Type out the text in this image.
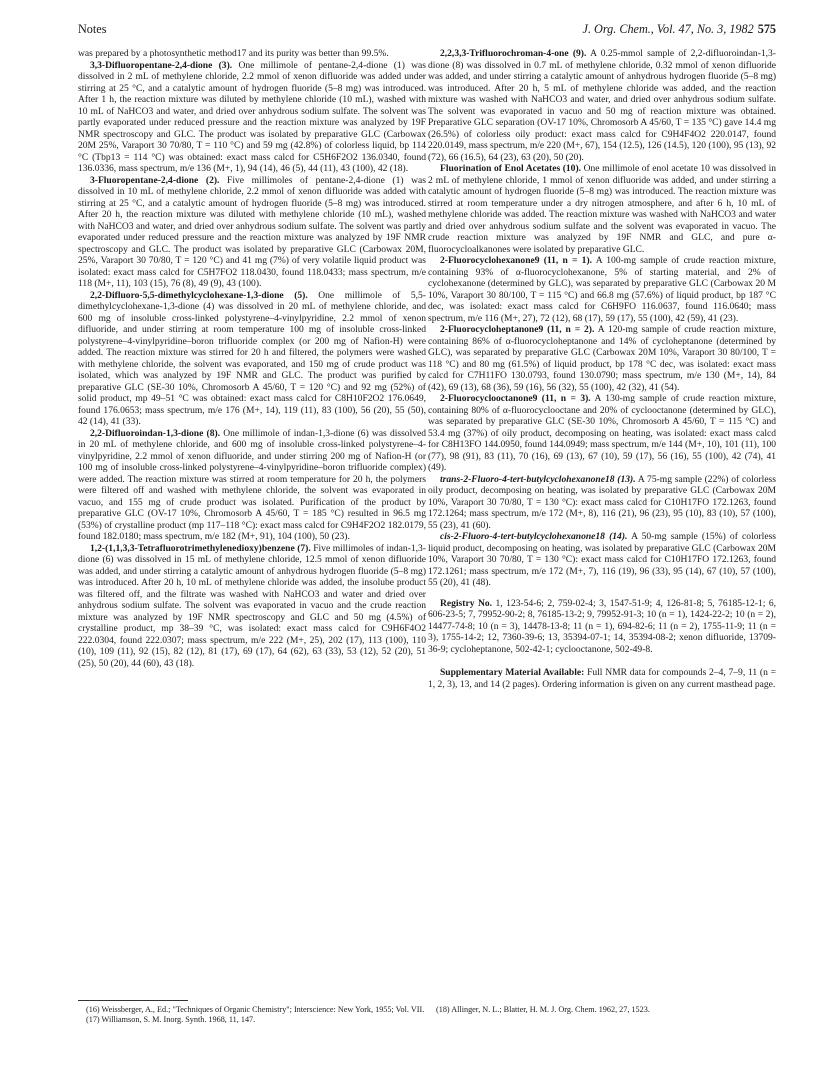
Notes	J. Org. Chem., Vol. 47, No. 3, 1982 575

was prepared by a photosynthetic method17 and its purity was better than 99.5%.

3,3-Difluoropentane-2,4-dione (3). One millimole of pentane-2,4-dione (1) was dissolved in 2 mL of methylene chloride, 2.2 mmol of xenon difluoride was added under stirring at 25 °C, and a catalytic amount of hydrogen fluoride (5–8 mg) was introduced. After 1 h, the reaction mixture was diluted by methylene chloride (10 mL), washed with 10 mL of NaHCO3 and water, and dried over anhydrous sodium sulfate. The solvent was partly evaporated under reduced pressure and the reaction mixture was analyzed by 19F NMR spectroscopy and GLC. The product was isolated by preparative GLC (Carbowax 20M 25%, Varaport 30 70/80, T = 110 °C) and 59 mg (42.8%) of colorless liquid, bp 114 °C (Tbp13 = 114 °C) was obtained: exact mass calcd for C5H6F2O2 136.0340, found 136.0336, mass spectrum, m/e 136 (M+, 1), 94 (14), 46 (5), 44 (11), 43 (100), 42 (18).

3-Fluoropentane-2,4-dione (2). Five millimoles of pentane-2,4-dione (1) was dissolved in 10 mL of methylene chloride, 2.2 mmol of xenon difluoride was added with stirring at 25 °C, and a catalytic amount of hydrogen fluoride (5–8 mg) was introduced. After 20 h, the reaction mixture was diluted with methylene chloride (10 mL), washed with NaHCO3 and water, and dried over anhydrous sodium sulfate. The solvent was partly evaporated under reduced pressure and the reaction mixture was analyzed by 19F NMR spectroscopy and GLC. The product was isolated by preparative GLC (Carbowax 20M, 25%, Varaport 30 70/80, T = 120 °C) and 41 mg (7%) of very volatile liquid product was isolated: exact mass calcd for C5H7FO2 118.0430, found 118.0433; mass spectrum, m/e 118 (M+, 11), 103 (15), 76 (8), 49 (9), 43 (100).

2,2-Difluoro-5,5-dimethylcyclohexane-1,3-dione (5). One millimole of 5,5-dimethylcyclohexane-1,3-dione (4) was dissolved in 20 mL of methylene chloride, and 600 mg of insoluble cross-linked polystyrene–4-vinylpyridine, 2.2 mmol of xenon difluoride, and under stirring at room temperature 100 mg of insoluble cross-linked polystyrene–4-vinylpyridine–boron trifluoride complex (or 200 mg of Nafion-H) were added. The reaction mixture was stirred for 20 h and filtered, the polymers were washed with methylene chloride, the solvent was evaporated, and 150 mg of crude product was isolated, which was analyzed by 19F NMR and GLC. The product was purified by preparative GLC (SE-30 10%, Chromosorb A 45/60, T = 120 °C) and 92 mg (52%) of solid product, mp 49–51 °C was obtained: exact mass calcd for C8H10F2O2 176.0649, found 176.0653; mass spectrum, m/e 176 (M+, 14), 119 (11), 83 (100), 56 (20), 55 (50), 42 (14), 41 (33).

2,2-Difluoroindan-1,3-dione (8). One millimole of indan-1,3-dione (6) was dissolved in 20 mL of methylene chloride, and 600 mg of insoluble cross-linked polystyrene–4-vinylpyridine, 2.2 mmol of xenon difluoride, and under stirring 200 mg of Nafion-H (or 100 mg of insoluble cross-linked polystyrene–4-vinylpyridine–boron trifluoride complex) were added. The reaction mixture was stirred at room temperature for 20 h, the polymers were filtered off and washed with methylene chloride, the solvent was evaporated in vacuo, and 155 mg of crude product was isolated. Purification of the product by preparative GLC (OV-17 10%, Chromosorb A 45/60, T = 185 °C) resulted in 96.5 mg (53%) of crystalline product (mp 117–118 °C): exact mass calcd for C9H4F2O2 182.0179, found 182.0180; mass spectrum, m/e 182 (M+, 91), 104 (100), 50 (23).

1,2-(1,1,3,3-Tetrafluorotrimethylenedioxy)benzene (7). Five millimoles of indan-1,3-dione (6) was dissolved in 15 mL of methylene chloride, 12.5 mmol of xenon difluoride was added, and under stirring a catalytic amount of anhydrous hydrogen fluoride (5–8 mg) was introduced. After 20 h, 10 mL of methylene chloride was added, the insolube product was filtered off, and the filtrate was washed with NaHCO3 and water and dried over anhydrous sodium sulfate. The solvent was evaporated in vacuo and the crude reaction mixture was analyzed by 19F NMR spectroscopy and GLC and 50 mg (4.5%) of crystalline product, mp 38–39 °C, was isolated: exact mass calcd for C9H6F4O2 222.0304, found 222.0307; mass spectrum, m/e 222 (M+, 25), 202 (17), 113 (100), 110 (10), 109 (11), 92 (15), 82 (12), 81 (17), 69 (17), 64 (62), 63 (33), 53 (12), 52 (20), 51 (25), 50 (20), 44 (60), 43 (18).

2,2,3,3-Trifluorochroman-4-one (9). A 0.25-mmol sample of 2,2-difluoroindan-1,3-dione (8) was dissolved in 0.7 mL of methylene chloride, 0.32 mmol of xenon difluoride was added, and under stirring a catalytic amount of anhydrous hydrogen fluoride (5–8 mg) was introduced. After 20 h, 5 mL of methylene chloride was added, and the reaction mixture was washed with NaHCO3 and water, and dried over anhydrous sodium sulfate. The solvent was evaporated in vacuo and 50 mg of reaction mixture was obtained. Preparative GLC separation (OV-17 10%, Chromosorb A 45/60, T = 135 °C) gave 14.4 mg (26.5%) of colorless oily product: exact mass calcd for C9H4F4O2 220.0147, found 220.0149, mass spectrum, m/e 220 (M+, 67), 154 (12.5), 126 (14.5), 120 (100), 95 (13), 92 (72), 66 (16.5), 64 (23), 63 (20), 50 (20).

Fluorination of Enol Acetates (10). One millimole of enol acetate 10 was dissolved in 2 mL of methylene chloride, 1 mmol of xenon difluoride was added, and under stirring a catalytic amount of hydrogen fluoride (5–8 mg) was introduced. The reaction mixture was stirred at room temperature under a dry nitrogen atmosphere, and after 6 h, 10 mL of methylene chloride was added. The reaction mixture was washed with NaHCO3 and water and dried over anhydrous sodium sulfate and the solvent was evaporated in vacuo. The crude reaction mixture was analyzed by 19F NMR and GLC, and pure α-fluorocycloalkanones were isolated by preparative GLC.

2-Fluorocyclohexanone9 (11, n = 1). A 100-mg sample of crude reaction mixture, containing 93% of α-fluorocyclohexanone, 5% of starting material, and 2% of cyclohexanone (determined by GLC), was separated by preparative GLC (Carbowax 20 M 10%, Varaport 30 80/100, T = 115 °C) and 66.8 mg (57.6%) of liquid product, bp 187 °C dec, was isolated: exact mass calcd for C6H9FO 116.0637, found 116.0640; mass spectrum, m/e 116 (M+, 27), 72 (12), 68 (17), 59 (17), 55 (100), 42 (59), 41 (23).

2-Fluorocycloheptanone9 (11, n = 2). A 120-mg sample of crude reaction mixture, containing 86% of α-fluorocycloheptanone and 14% of cycloheptanone (determined by GLC), was separated by preparative GLC (Carbowax 20M 10%, Varaport 30 80/100, T = 118 °C) and 80 mg (61.5%) of liquid product, bp 178 °C dec, was isolated: exact mass calcd for C7H11FO 130.0793, found 130.0790; mass spectrum, m/e 130 (M+, 14), 84 (42), 69 (13), 68 (36), 59 (16), 56 (32), 55 (100), 42 (32), 41 (54).

2-Fluorocyclooctanone9 (11, n = 3). A 130-mg sample of crude reaction mixture, containing 80% of α-fluorocyclooctane and 20% of cyclooctanone (determined by GLC), was separated by preparative GLC (SE-30 10%, Chromosorb A 45/60, T = 115 °C) and 53.4 mg (37%) of oily product, decomposing on heating, was isolated: exact mass calcd for C8H13FO 144.0950, found 144.0949; mass spectrum, m/e 144 (M+, 10), 101 (11), 100 (77), 98 (91), 83 (11), 70 (16), 69 (13), 67 (10), 59 (17), 56 (16), 55 (100), 42 (74), 41 (49).

trans-2-Fluoro-4-tert-butylcyclohexanone18 (13). A 75-mg sample (22%) of colorless oily product, decomposing on heating, was isolated by preparative GLC (Carbowax 20M 10%, Varaport 30 70/80, T = 130 °C): exact mass calcd for C10H17FO 172.1263, found 172.1264; mass spectrum, m/e 172 (M+, 8), 116 (21), 96 (23), 95 (10), 83 (10), 57 (100), 55 (23), 41 (60).

cis-2-Fluoro-4-tert-butylcyclohexanone18 (14). A 50-mg sample (15%) of colorless liquid product, decomposing on heating, was isolated by preparative GLC (Carbowax 20M 10%, Varaport 30 70/80, T = 130 °C): exact mass calcd for C10H17FO 172.1263, found 172.1261; mass spectrum, m/e 172 (M+, 7), 116 (19), 96 (33), 95 (14), 67 (10), 57 (100), 55 (20), 41 (48).

Registry No. 1, 123-54-6; 2, 759-02-4; 3, 1547-51-9; 4, 126-81-8; 5, 76185-12-1; 6, 606-23-5; 7, 79952-90-2; 8, 76185-13-2; 9, 79952-91-3; 10 (n = 1), 1424-22-2; 10 (n = 2), 14477-74-8; 10 (n = 3), 14478-13-8; 11 (n = 1), 694-82-6; 11 (n = 2), 1755-11-9; 11 (n = 3), 1755-14-2; 12, 7360-39-6; 13, 35394-07-1; 14, 35394-08-2; xenon difluoride, 13709-36-9; cycloheptanone, 502-42-1; cyclooctanone, 502-49-8.

Supplementary Material Available: Full NMR data for compounds 2–4, 7–9, 11 (n = 1, 2, 3), 13, and 14 (2 pages). Ordering information is given on any current masthead page.

(16) Weissberger, A., Ed.; "Techniques of Organic Chemistry"; Interscience: New York, 1955; Vol. VII.

(17) Williamson, S. M. Inorg. Synth. 1968, 11, 147.

(18) Allinger, N. L.; Blatter, H. M. J. Org. Chem. 1962, 27, 1523.
